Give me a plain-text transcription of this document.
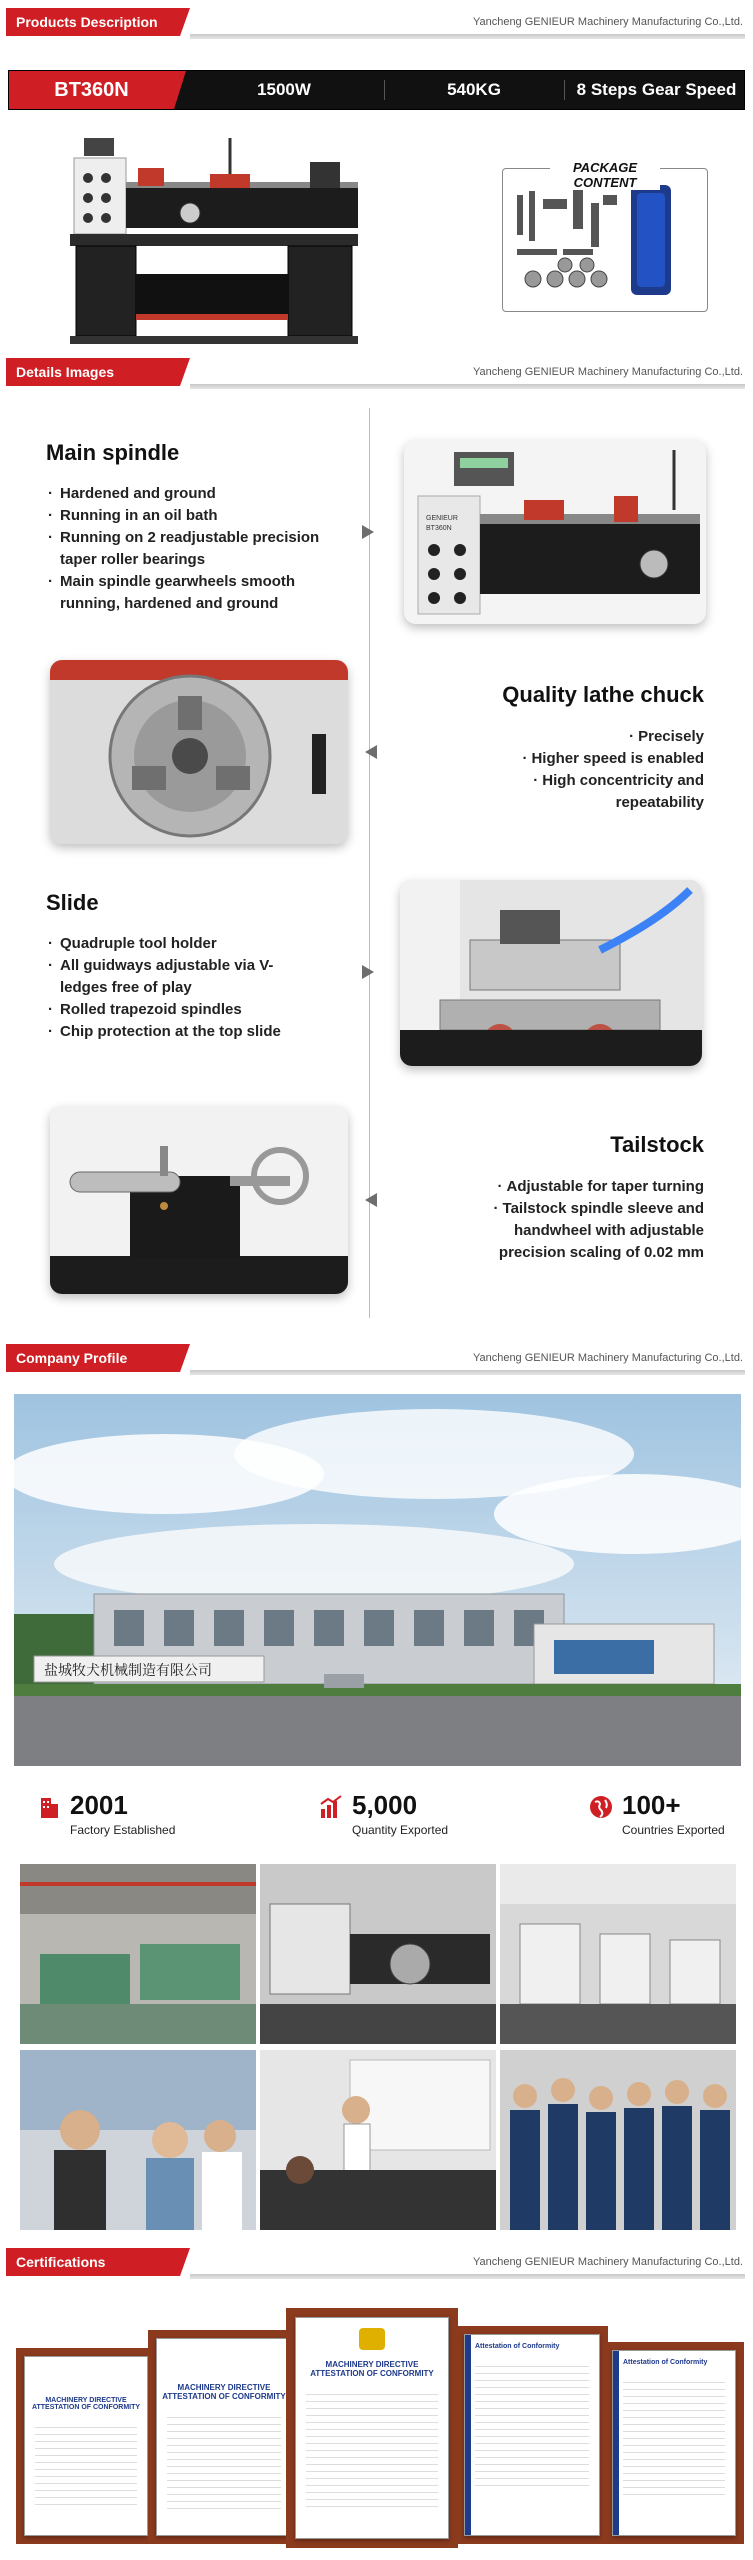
Products Description	Yancheng GENIEUR Machinery Manufacturing Co.,Ltd.
BT360N	1500W	540KG	8 Steps Gear Speed
PACKAGE CONTENT
Details Images	Yancheng GENIEUR Machinery Manufacturing Co.,Ltd.
Main spindle
· Hardened and ground
· Running in an oil bath
· Running on 2 readjustable precision taper roller bearings
· Main spindle gearwheels smooth running, hardened and ground
GENIEUR
BT360N
Quality lathe chuck
· Precisely
· Higher speed is enabled
· High concentricity and repeatability
Slide
· Quadruple tool holder
· All guidways adjustable via V-ledges free of play
· Rolled trapezoid spindles
· Chip protection at the top slide
Tailstock
· Adjustable for taper turning
· Tailstock spindle sleeve and handwheel with adjustable precision scaling of 0.02 mm
Company Profile	Yancheng GENIEUR Machinery Manufacturing Co.,Ltd.
盐城牧犬机械制造有限公司
2001
Factory Established
5,000
Quantity Exported
100+
Countries Exported
Certifications	Yancheng GENIEUR Machinery Manufacturing Co.,Ltd.
MACHINERY DIRECTIVE
ATTESTATION OF CONFORMITY
MACHINERY DIRECTIVE
ATTESTATION OF CONFORMITY
MACHINERY DIRECTIVE
ATTESTATION OF CONFORMITY
Attestation of Conformity
Attestation of Conformity
